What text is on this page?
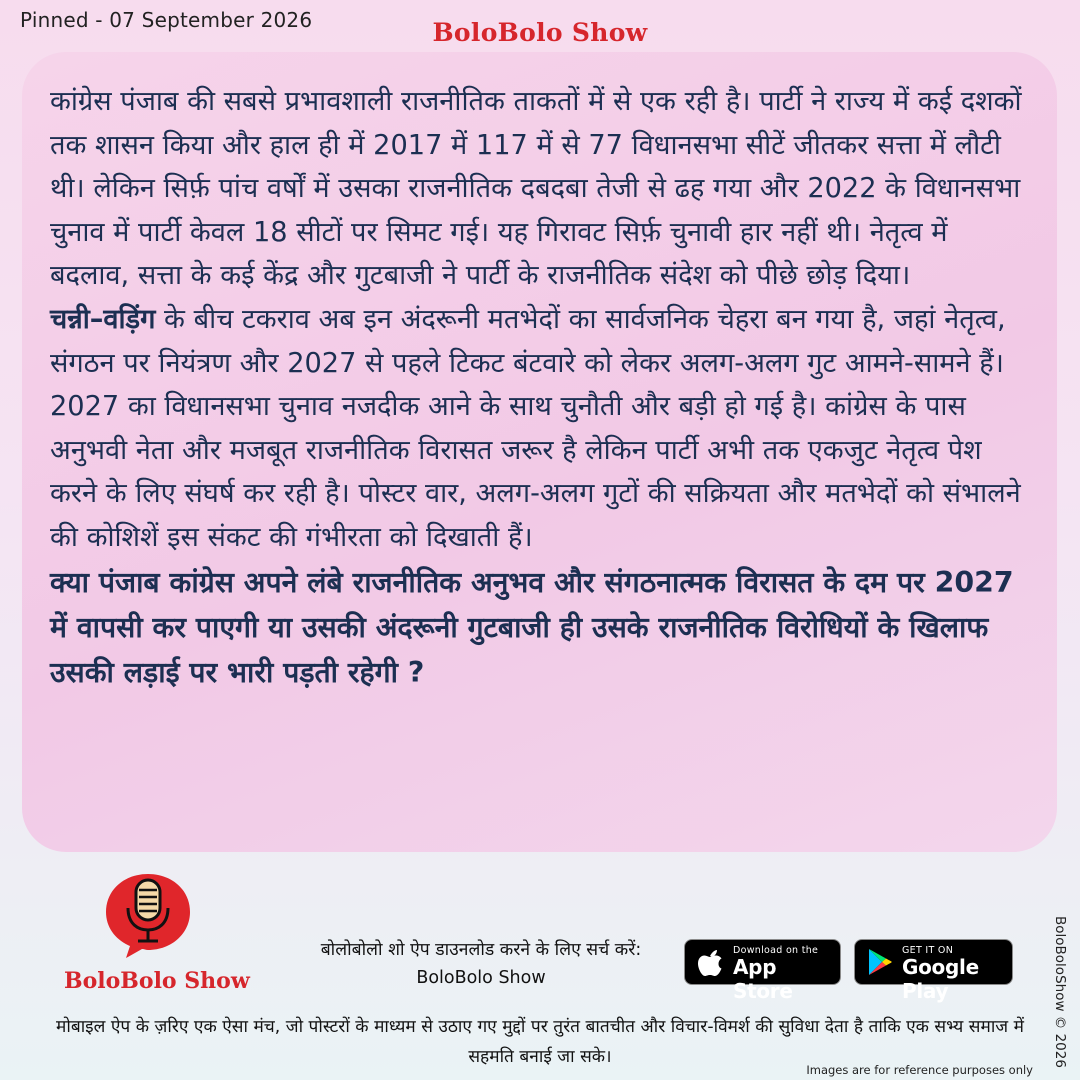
Pinned - 07 September 2026	BoloBolo Show

कांग्रेस पंजाब की सबसे प्रभावशाली राजनीतिक ताकतों में से एक रही है। पार्टी ने राज्य में कई दशकों तक शासन किया और हाल ही में 2017 में 117 में से 77 विधानसभा सीटें जीतकर सत्ता में लौटी थी। लेकिन सिर्फ़ पांच वर्षों में उसका राजनीतिक दबदबा तेजी से ढह गया और 2022 के विधानसभा चुनाव में पार्टी केवल 18 सीटों पर सिमट गई। यह गिरावट सिर्फ़ चुनावी हार नहीं थी। नेतृत्व में बदलाव, सत्ता के कई केंद्र और गुटबाजी ने पार्टी के राजनीतिक संदेश को पीछे छोड़ दिया।

चन्नी–वड़िंग के बीच टकराव अब इन अंदरूनी मतभेदों का सार्वजनिक चेहरा बन गया है, जहां नेतृत्व, संगठन पर नियंत्रण और 2027 से पहले टिकट बंटवारे को लेकर अलग-अलग गुट आमने-सामने हैं। 2027 का विधानसभा चुनाव नजदीक आने के साथ चुनौती और बड़ी हो गई है। कांग्रेस के पास अनुभवी नेता और मजबूत राजनीतिक विरासत जरूर है लेकिन पार्टी अभी तक एकजुट नेतृत्व पेश करने के लिए संघर्ष कर रही है। पोस्टर वार, अलग-अलग गुटों की सक्रियता और मतभेदों को संभालने की कोशिशें इस संकट की गंभीरता को दिखाती हैं।

क्या पंजाब कांग्रेस अपने लंबे राजनीतिक अनुभव और संगठनात्मक विरासत के दम पर 2027 में वापसी कर पाएगी या उसकी अंदरूनी गुटबाजी ही उसके राजनीतिक विरोधियों के खिलाफ उसकी लड़ाई पर भारी पड़ती रहेगी ?

BoloBolo Show
बोलोबोलो शो ऐप डाउनलोड करने के लिए सर्च करें:
BoloBolo Show
Download on the
App Store
GET IT ON
Google Play
मोबाइल ऐप के ज़रिए एक ऐसा मंच, जो पोस्टरों के माध्यम से उठाए गए मुद्दों पर तुरंत बातचीत और विचार-विमर्श की सुविधा देता है ताकि एक सभ्य समाज में सहमति बनाई जा सके।
Images are for reference purposes only
BoloBoloShow © 2026
